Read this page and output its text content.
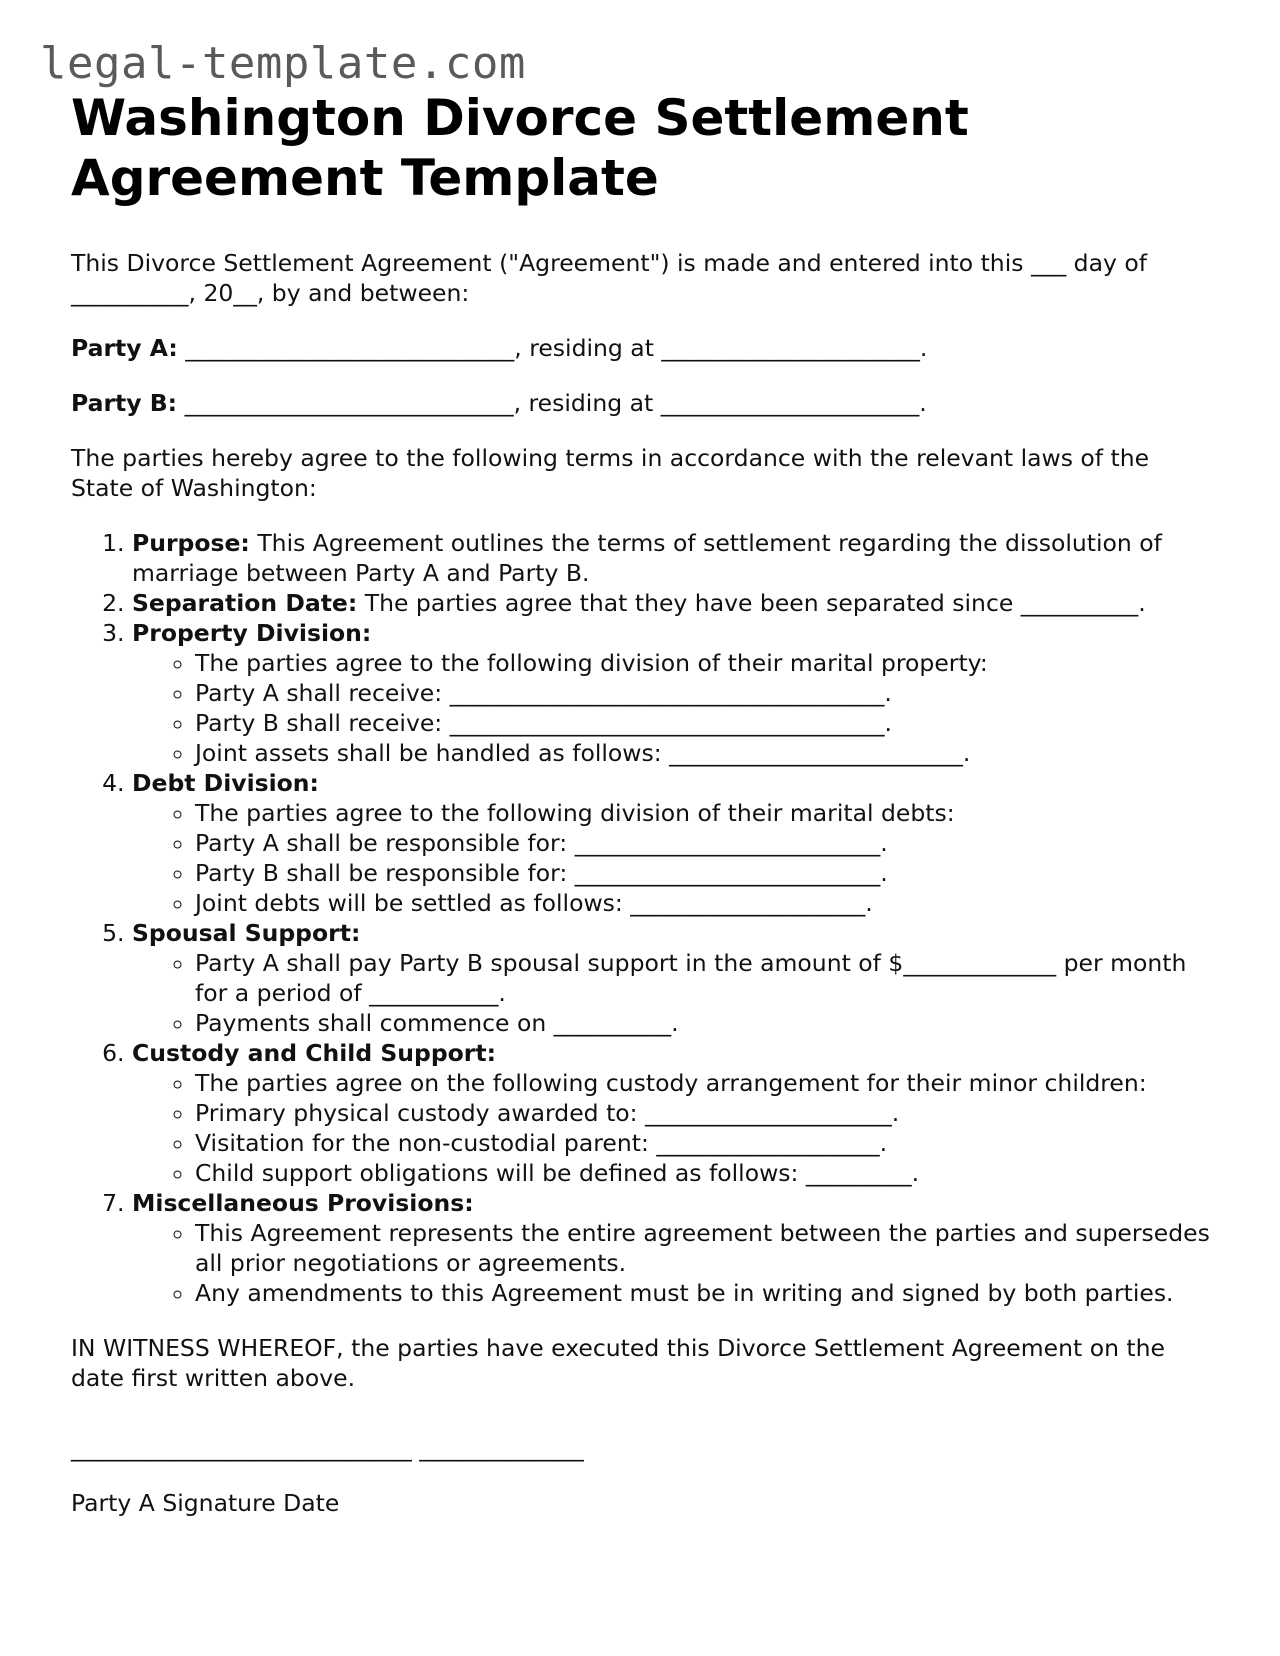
legal-template.com
Washington Divorce Settlement Agreement Template

This Divorce Settlement Agreement ("Agreement") is made and entered into this ___ day of __________, 20__, by and between:

Party A: ____________________________, residing at ______________________.

Party B: ____________________________, residing at ______________________.

The parties hereby agree to the following terms in accordance with the relevant laws of the State of Washington:

1. Purpose: This Agreement outlines the terms of settlement regarding the dissolution of marriage between Party A and Party B.
2. Separation Date: The parties agree that they have been separated since __________.
3. Property Division:
◦ The parties agree to the following division of their marital property:
◦ Party A shall receive: _____________________________________.
◦ Party B shall receive: _____________________________________.
◦ Joint assets shall be handled as follows: _________________________.
4. Debt Division:
◦ The parties agree to the following division of their marital debts:
◦ Party A shall be responsible for: __________________________.
◦ Party B shall be responsible for: __________________________.
◦ Joint debts will be settled as follows: ____________________.
5. Spousal Support:
◦ Party A shall pay Party B spousal support in the amount of $_____________ per month for a period of ___________.
◦ Payments shall commence on __________.
6. Custody and Child Support:
◦ The parties agree on the following custody arrangement for their minor children:
◦ Primary physical custody awarded to: _____________________.
◦ Visitation for the non-custodial parent: ___________________.
◦ Child support obligations will be defined as follows: _________.
7. Miscellaneous Provisions:
◦ This Agreement represents the entire agreement between the parties and supersedes all prior negotiations or agreements.
◦ Any amendments to this Agreement must be in writing and signed by both parties.

IN WITNESS WHEREOF, the parties have executed this Divorce Settlement Agreement on the date first written above.

_____________________________ ______________

Party A Signature Date
